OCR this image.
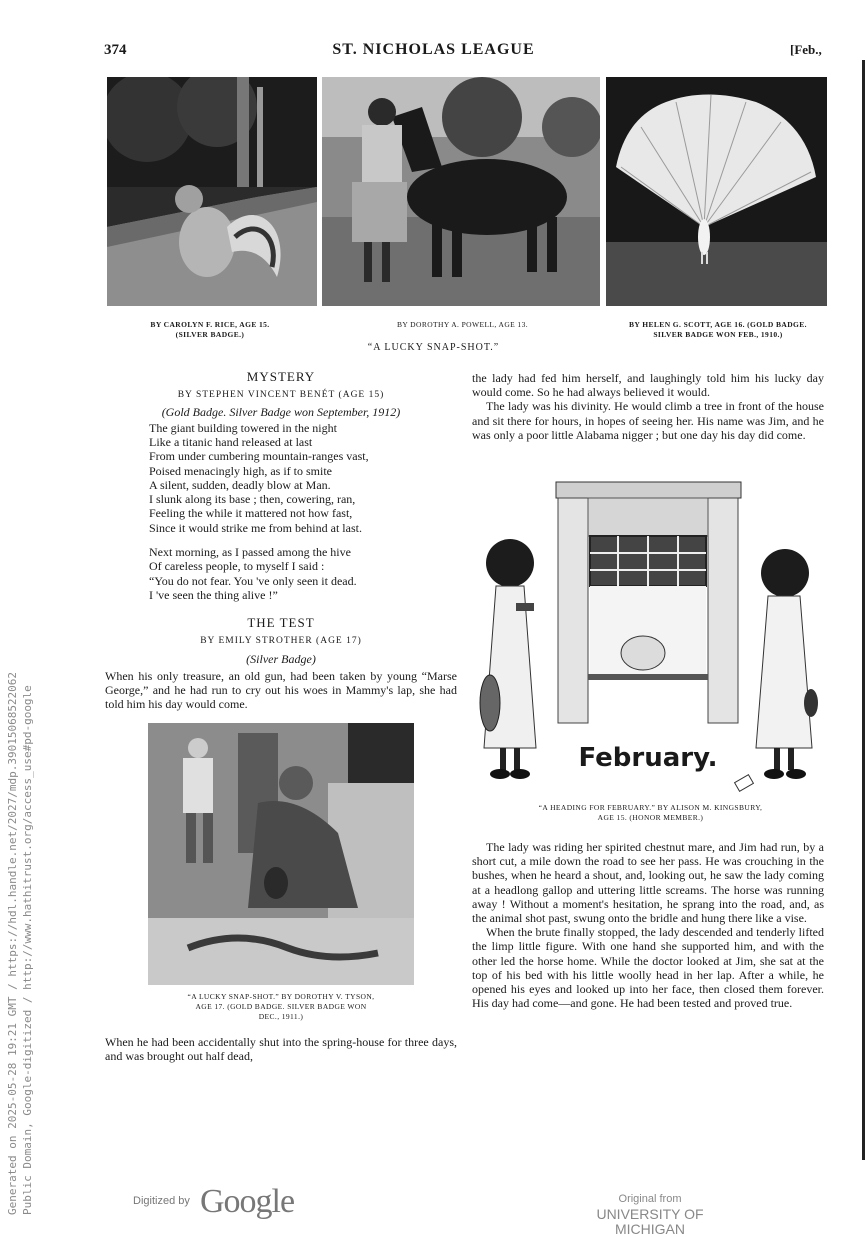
374	ST. NICHOLAS LEAGUE	[Feb.,
BY CAROLYN F. RICE, AGE 15.
(SILVER BADGE.)
BY DOROTHY A. POWELL, AGE 13.	BY HELEN G. SCOTT, AGE 16. (GOLD BADGE.
SILVER BADGE WON FEB., 1910.)
“A LUCKY SNAP-SHOT.”
MYSTERY
BY STEPHEN VINCENT BENÉT (AGE 15)
(Gold Badge. Silver Badge won September, 1912)
The giant building towered in the night
Like a titanic hand released at last
From under cumbering mountain-ranges vast,
Poised menacingly high, as if to smite
A silent, sudden, deadly blow at Man.
I slunk along its base ; then, cowering, ran,
Feeling the while it mattered not how fast,
Since it would strike me from behind at last.
Next morning, as I passed among the hive
Of careless people, to myself I said :
“You do not fear. You 've only seen it dead.
I 've seen the thing alive !”
THE TEST
BY EMILY STROTHER (AGE 17)
(Silver Badge)
When his only treasure, an old gun, had been taken by young “Marse George,” and he had run to cry out his woes in Mammy's lap, she had told him his day would come.
“A LUCKY SNAP-SHOT.” BY DOROTHY V. TYSON,
AGE 17. (GOLD BADGE. SILVER BADGE WON
DEC., 1911.)
When he had been accidentally shut into the spring-house for three days, and was brought out half dead,
the lady had fed him herself, and laughingly told him his lucky day would come. So he had always believed it would.
The lady was his divinity. He would climb a tree in front of the house and sit there for hours, in hopes of seeing her. His name was Jim, and he was only a poor little Alabama nigger ; but one day his day did come.
February.
“A HEADING FOR FEBRUARY.” BY ALISON M. KINGSBURY,
AGE 15. (HONOR MEMBER.)
The lady was riding her spirited chestnut mare, and Jim had run, by a short cut, a mile down the road to see her pass. He was crouching in the bushes, when he heard a shout, and, looking out, he saw the lady coming at a headlong gallop and uttering little screams. The horse was running away ! Without a moment's hesitation, he sprang into the road, and, as the animal shot past, swung onto the bridle and hung there like a vise.
When the brute finally stopped, the lady descended and tenderly lifted the limp little figure. With one hand she supported him, and with the other led the horse home. While the doctor looked at Jim, she sat at the top of his bed with his little woolly head in her lap. After a while, he opened his eyes and looked up into her face, then closed them forever. His day had come—and gone. He had been tested and proved true.
Generated on 2025-05-28 19:21 GMT / https://hdl.handle.net/2027/mdp.39015068522062 Public Domain, Google-digitized / http://www.hathitrust.org/access_use#pd-google	Digitized by Google	Original from
UNIVERSITY OF MICHIGAN
